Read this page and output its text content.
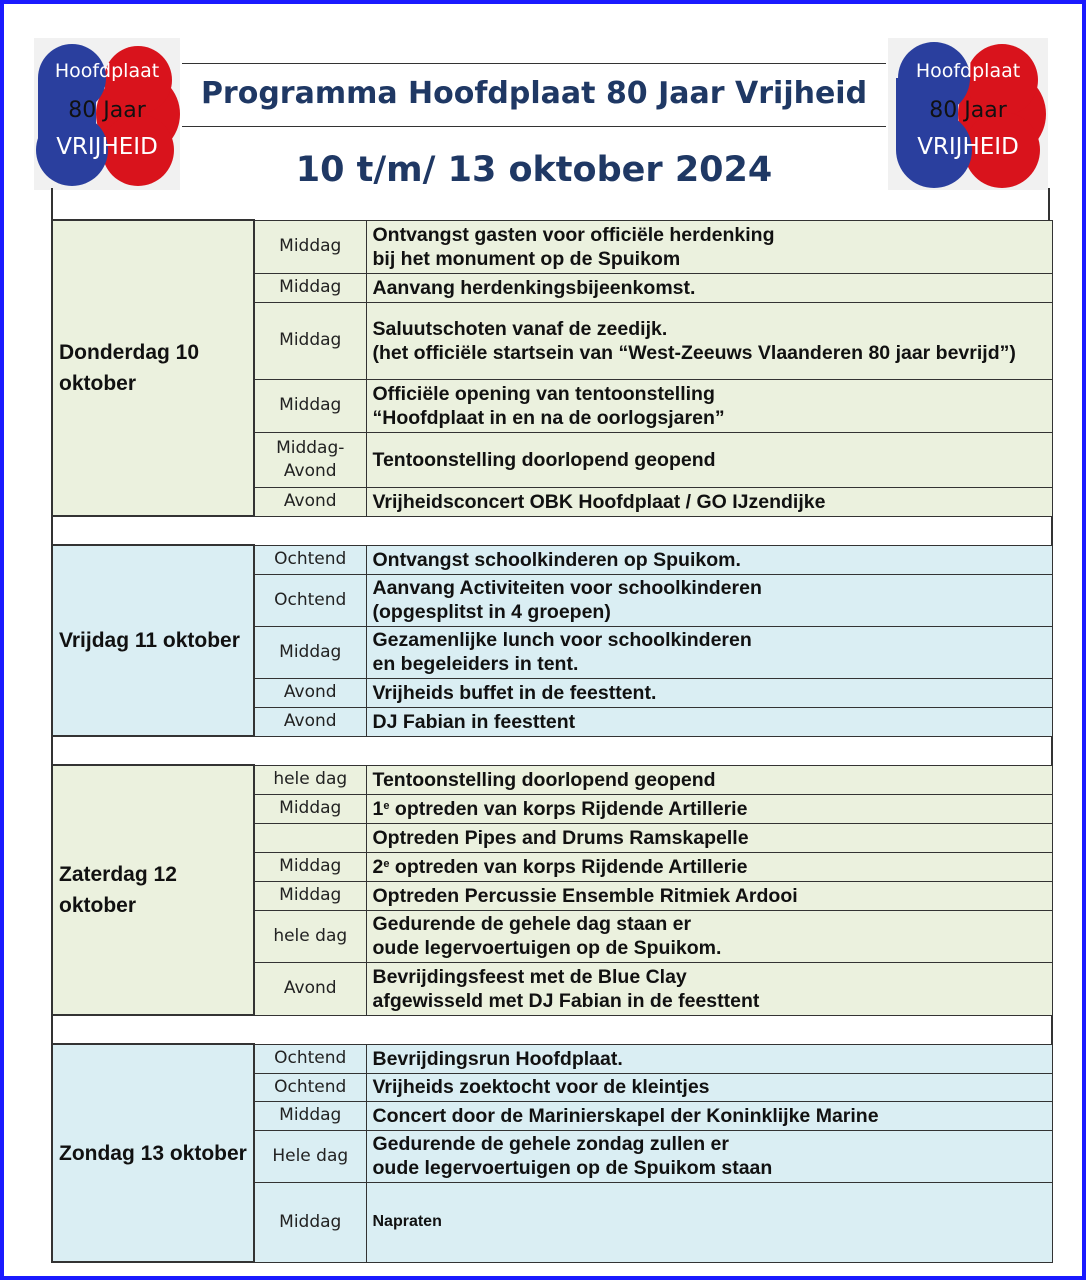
Hoofdplaat
80 Jaar
VRIJHEID
Hoofdplaat
80 Jaar
VRIJHEID
Programma Hoofdplaat 80 Jaar Vrijheid
10 t/m/ 13 oktober 2024
Donderdag 10 oktober	Middag	Ontvangst gasten voor officiële herdenking
bij het monument op de Spuikom
	Middag	Aanvang herdenkingsbijeenkomst.
	Middag	Saluutschoten vanaf de zeedijk.
(het officiële startsein van “West-Zeeuws Vlaanderen 80 jaar bevrijd”)
	Middag	Officiële opening van tentoonstelling
“Hoofdplaat in en na de oorlogsjaren”
	Middag-Avond	Tentoonstelling doorlopend geopend
	Avond	Vrijheidsconcert OBK Hoofdplaat / GO IJzendijke

Vrijdag 11 oktober	Ochtend	Ontvangst schoolkinderen op Spuikom.
	Ochtend	Aanvang Activiteiten voor schoolkinderen
(opgesplitst in 4 groepen)
	Middag	Gezamenlijke lunch voor schoolkinderen
en begeleiders in tent.
	Avond	Vrijheids buffet in de feesttent.
	Avond	DJ Fabian in feesttent

Zaterdag 12 oktober	hele dag	Tentoonstelling doorlopend geopend
	Middag	1e optreden van korps Rijdende Artillerie
		Optreden Pipes and Drums Ramskapelle
	Middag	2e optreden van korps Rijdende Artillerie
	Middag	Optreden Percussie Ensemble Ritmiek Ardooi
	hele dag	Gedurende de gehele dag staan er
oude legervoertuigen op de Spuikom.
	Avond	Bevrijdingsfeest met de Blue Clay
afgewisseld met DJ Fabian in de feesttent

Zondag 13 oktober	Ochtend	Bevrijdingsrun Hoofdplaat.
	Ochtend	Vrijheids zoektocht voor de kleintjes
	Middag	Concert door de Marinierskapel der Koninklijke Marine
	Hele dag	Gedurende de gehele zondag zullen er
oude legervoertuigen op de Spuikom staan
	Middag	Napraten
